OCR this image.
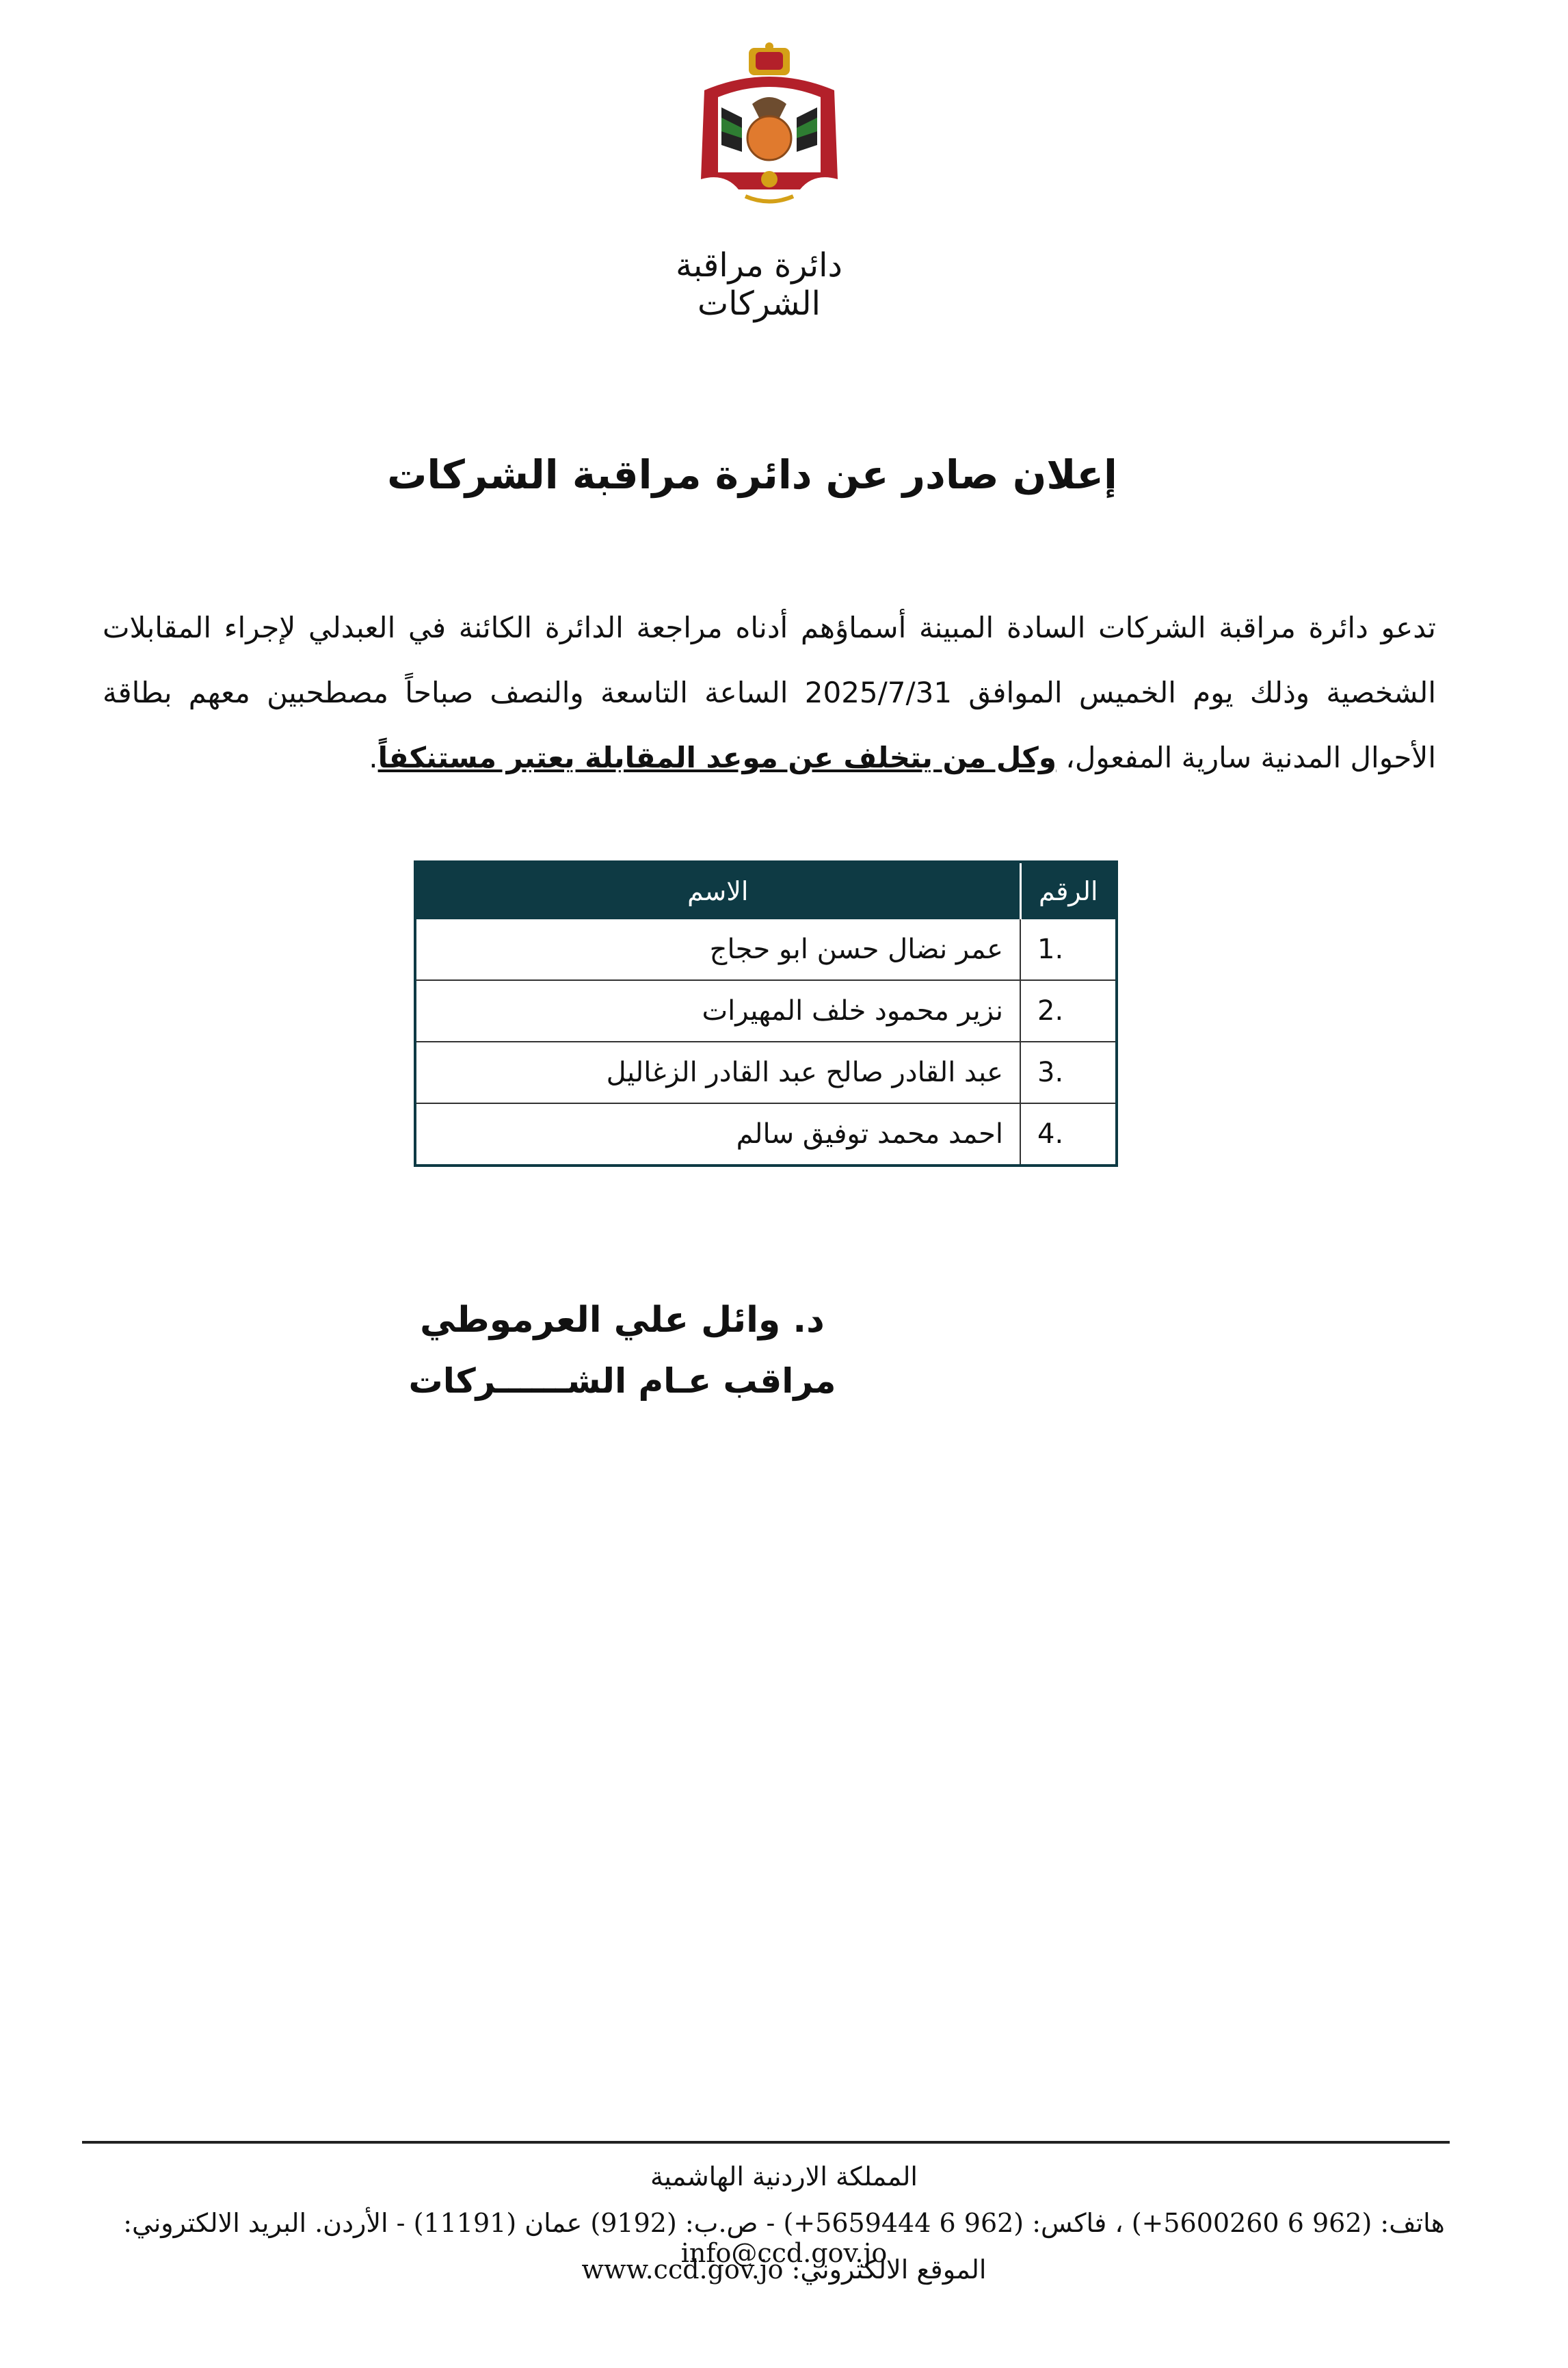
دائرة مراقبة الشركات
إعلان صادر عن دائرة مراقبة الشركات
تدعو دائرة مراقبة الشركات السادة المبينة أسماؤهم أدناه مراجعة الدائرة الكائنة في العبدلي لإجراء المقابلات الشخصية وذلك يوم الخميس الموافق 2025/7/31 الساعة التاسعة والنصف صباحاً مصطحبين معهم بطاقة الأحوال المدنية سارية المفعول، وكل من يتخلف عن موعد المقابلة يعتبر مستنكفاً.
الرقم	الاسم
1.	عمر نضال حسن ابو حجاج
2.	نزير محمود خلف المهيرات
3.	عبد القادر صالح عبد القادر الزغاليل
4.	احمد محمد توفيق سالم
د. وائل علي العرموطي
مراقب عـام الشــــــركات
المملكة الاردنية الهاشمية
هاتف: (962 6 5600260+) ، فاكس: (962 6 5659444+) - ص.ب: (9192) عمان (11191) - الأردن. البريد الالكتروني: info@ccd.gov.jo
الموقع الالكتروني: www.ccd.gov.jo
